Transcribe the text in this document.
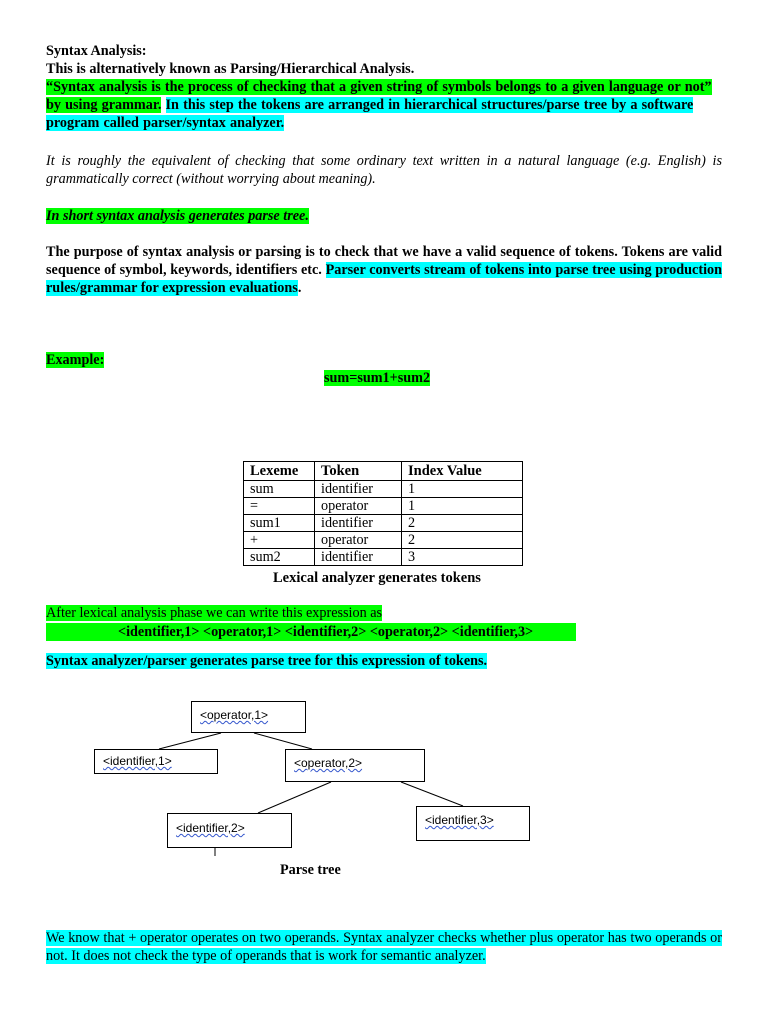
Syntax Analysis:

This is alternatively known as Parsing/Hierarchical Analysis.

“Syntax analysis is the process of checking that a given string of symbols belongs to a given language or not” by using grammar. In this step the tokens are arranged in hierarchical structures/parse tree by a software program called parser/syntax analyzer.

It is roughly the equivalent of checking that some ordinary text written in a natural language (e.g. English) is grammatically correct (without worrying about meaning).

In short syntax analysis generates parse tree.

The purpose of syntax analysis or parsing is to check that we have a valid sequence of tokens. Tokens are valid sequence of symbol, keywords, identifiers etc. Parser converts stream of tokens into parse tree using production rules/grammar for expression evaluations.

Example:

sum=sum1+sum2

Lexeme	Token	Index Value
sum	identifier	1
=	operator	1
sum1	identifier	2
+	operator	2
sum2	identifier	3

Lexical analyzer generates tokens

After lexical analysis phase we can write this expression as

<identifier,1> <operator,1> <identifier,2> <operator,2> <identifier,3>

Syntax analyzer/parser generates parse tree for this expression of tokens.

<operator,1>
<identifier,1>	<operator,2>
<identifier,2>
<identifier,3>

Parse tree

We know that + operator operates on two operands. Syntax analyzer checks whether plus operator has two operands or not. It does not check the type of operands that is work for semantic analyzer.
